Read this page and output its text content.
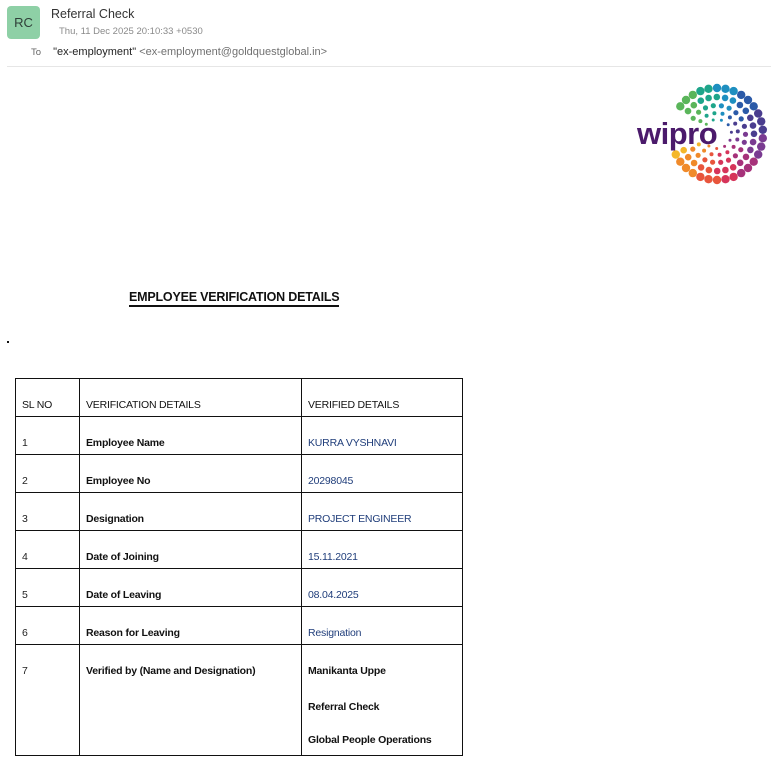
RC
Referral Check
Thu, 11 Dec 2025 20:10:33 +0530
To "ex-employment" <ex-employment@goldquestglobal.in>
wipro
EMPLOYEE VERIFICATION DETAILS
SL NO	VERIFICATION DETAILS	VERIFIED DETAILS
1	Employee Name	KURRA VYSHNAVI
2	Employee No	20298045
3	Designation	PROJECT ENGINEER
4	Date of Joining	15.11.2021
5	Date of Leaving	08.04.2025
6	Reason for Leaving	Resignation
7	Verified by (Name and Designation)	Manikanta Uppe
Referral Check
Global People Operations
